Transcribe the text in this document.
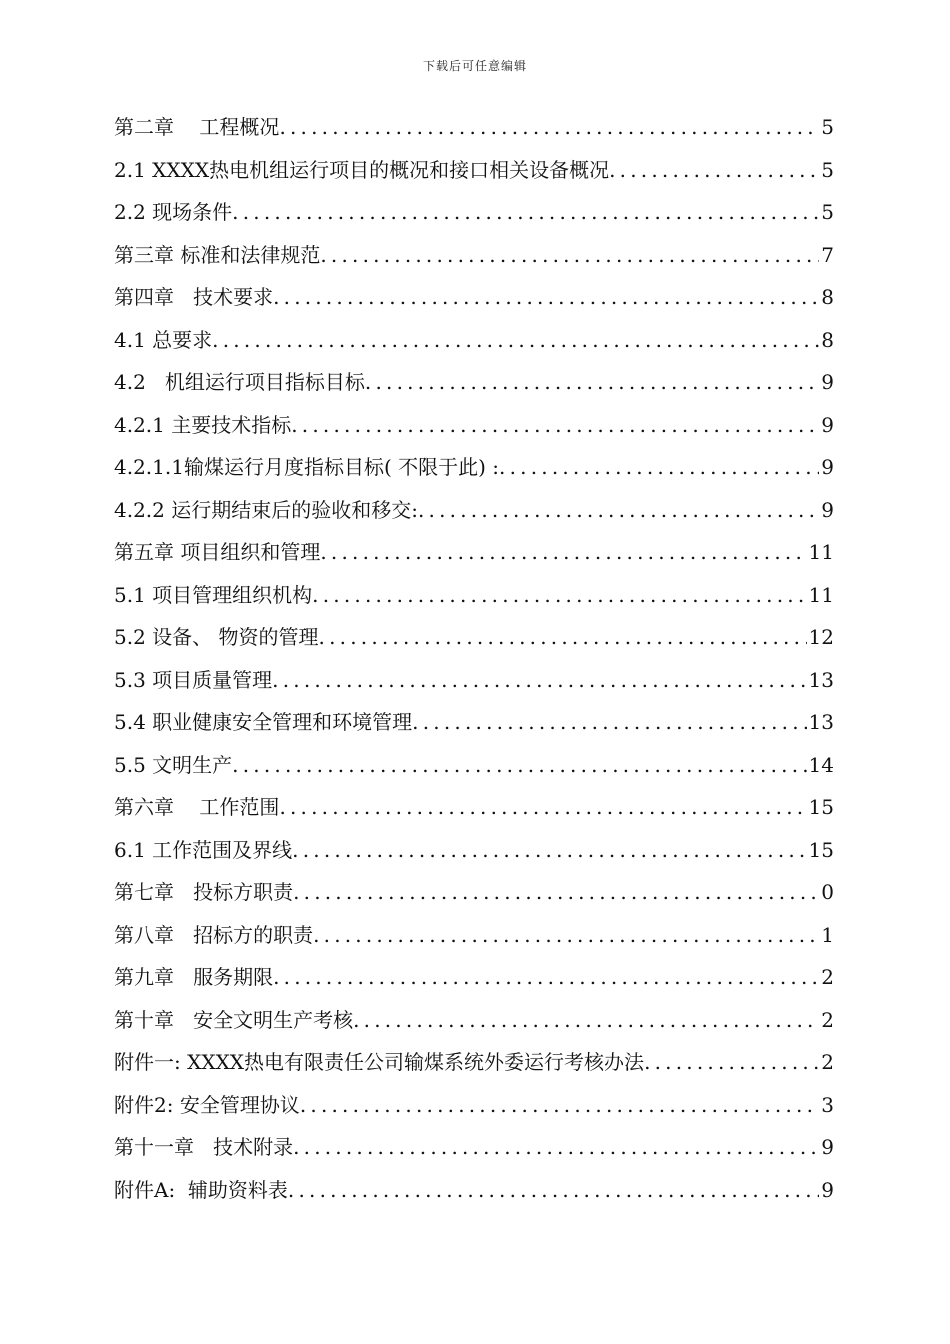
下载后可任意编辑
第二章    工程概况 .....	5
2.1 XXXX热电机组运行项目的概况和接口相关设备概况 .....	5
2.2 现场条件 .....	5
第三章 标准和法律规范 .....	7
第四章   技术要求 .....	8
4.1 总要求 .....	8
4.2   机组运行项目指标目标 .....	9
4.2.1 主要技术指标 .....	9
4.2.1.1输煤运行月度指标目标( 不限于此) : .....	9
4.2.2 运行期结束后的验收和移交: .....	9
第五章 项目组织和管理 .....	11
5.1 项目管理组织机构 .....	11
5.2 设备、 物资的管理 .....	12
5.3 项目质量管理 .....	13
5.4 职业健康安全管理和环境管理 .....	13
5.5 文明生产 .....	14
第六章    工作范围 .....	15
6.1 工作范围及界线 .....	15
第七章   投标方职责 .....	0
第八章   招标方的职责 .....	1
第九章   服务期限 .....	2
第十章   安全文明生产考核 .....	2
附件一: XXXX热电有限责任公司输煤系统外委运行考核办法 .....	2
附件2: 安全管理协议 .....	3
第十一章   技术附录 .....	9
附件A:  辅助资料表 .....	9
